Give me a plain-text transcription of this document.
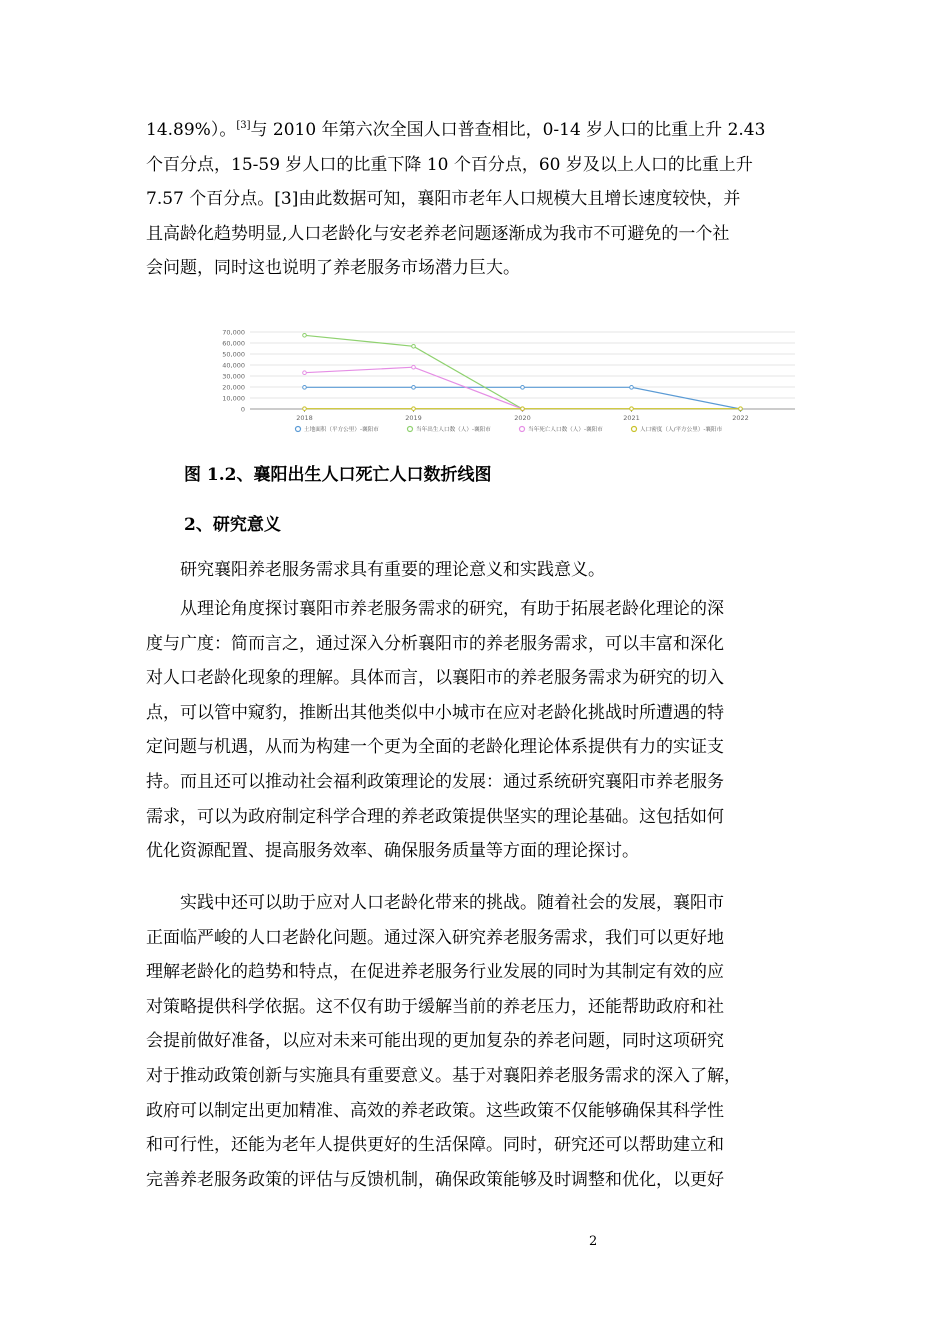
14.89%）。[3]与 2010 年第六次全国人口普查相比，0-14 岁人口的比重上升 2.43
个百分点，15-59 岁人口的比重下降 10 个百分点，60 岁及以上人口的比重上升
7.57 个百分点。[3]由此数据可知，襄阳市老年人口规模大且增长速度较快，并
且高龄化趋势明显,人口老龄化与安老养老问题逐渐成为我市不可避免的一个社
会问题，同时这也说明了养老服务市场潜力巨大。
0
10,000
20,000
30,000
40,000
50,000
60,000
70,000
2018	2019	2020	2021	2022
土地面积（平方公里）-襄阳市	当年出生人口数（人）-襄阳市	当年死亡人口数（人）-襄阳市	人口密度（人/平方公里）-襄阳市
图 1.2、襄阳出生人口死亡人口数折线图
2、研究意义
　　研究襄阳养老服务需求具有重要的理论意义和实践意义。
　　从理论角度探讨襄阳市养老服务需求的研究，有助于拓展老龄化理论的深
度与广度：简而言之，通过深入分析襄阳市的养老服务需求，可以丰富和深化
对人口老龄化现象的理解。具体而言，以襄阳市的养老服务需求为研究的切入
点，可以管中窥豹，推断出其他类似中小城市在应对老龄化挑战时所遭遇的特
定问题与机遇，从而为构建一个更为全面的老龄化理论体系提供有力的实证支
持。而且还可以推动社会福利政策理论的发展：通过系统研究襄阳市养老服务
需求，可以为政府制定科学合理的养老政策提供坚实的理论基础。这包括如何
优化资源配置、提高服务效率、确保服务质量等方面的理论探讨。
　　实践中还可以助于应对人口老龄化带来的挑战。随着社会的发展，襄阳市
正面临严峻的人口老龄化问题。通过深入研究养老服务需求，我们可以更好地
理解老龄化的趋势和特点，在促进养老服务行业发展的同时为其制定有效的应
对策略提供科学依据。这不仅有助于缓解当前的养老压力，还能帮助政府和社
会提前做好准备，以应对未来可能出现的更加复杂的养老问题，同时这项研究
对于推动政策创新与实施具有重要意义。基于对襄阳养老服务需求的深入了解，
政府可以制定出更加精准、高效的养老政策。这些政策不仅能够确保其科学性
和可行性，还能为老年人提供更好的生活保障。同时，研究还可以帮助建立和
完善养老服务政策的评估与反馈机制，确保政策能够及时调整和优化，以更好
2
